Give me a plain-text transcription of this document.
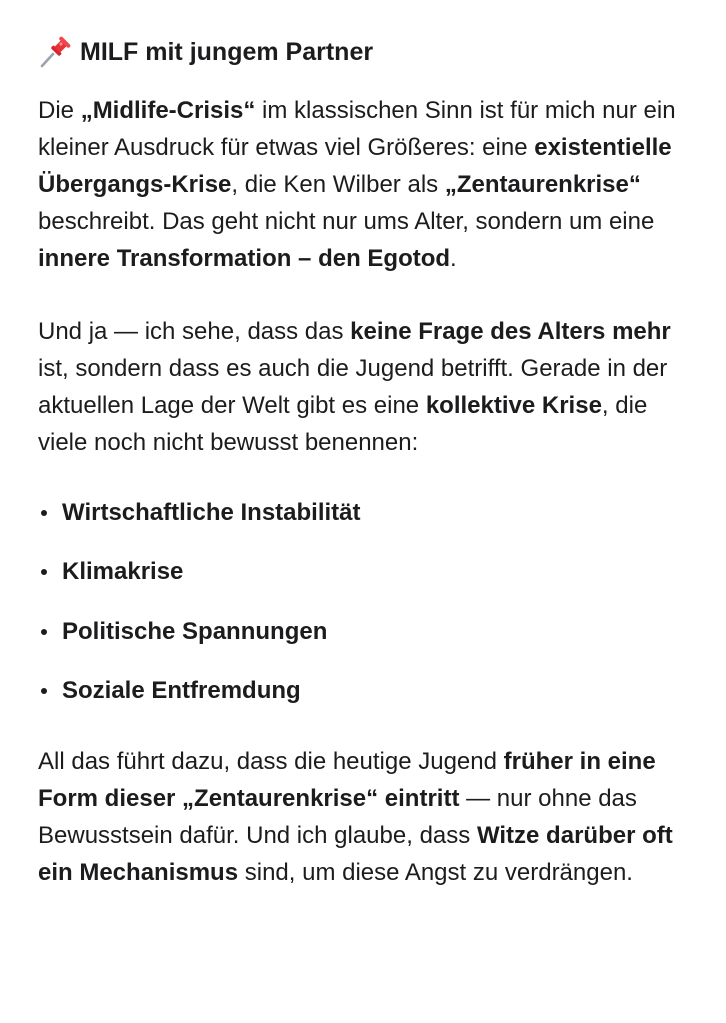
MILF mit jungem Partner

Die „Midlife-Crisis“ im klassischen Sinn ist für mich nur ein kleiner Ausdruck für etwas viel Größeres: eine existentielle Übergangs-Krise, die Ken Wilber als „Zentaurenkrise“ beschreibt. Das geht nicht nur ums Alter, sondern um eine innere Transformation – den Egotod.

Und ja — ich sehe, dass das keine Frage des Alters mehr ist, sondern dass es auch die Jugend betrifft. Gerade in der aktuellen Lage der Welt gibt es eine kollektive Krise, die viele noch nicht bewusst benennen:

Wirtschaftliche Instabilität
Klimakrise
Politische Spannungen
Soziale Entfremdung

All das führt dazu, dass die heutige Jugend früher in eine Form dieser „Zentaurenkrise“ eintritt — nur ohne das Bewusstsein dafür. Und ich glaube, dass Witze darüber oft ein Mechanismus sind, um diese Angst zu verdrängen.
